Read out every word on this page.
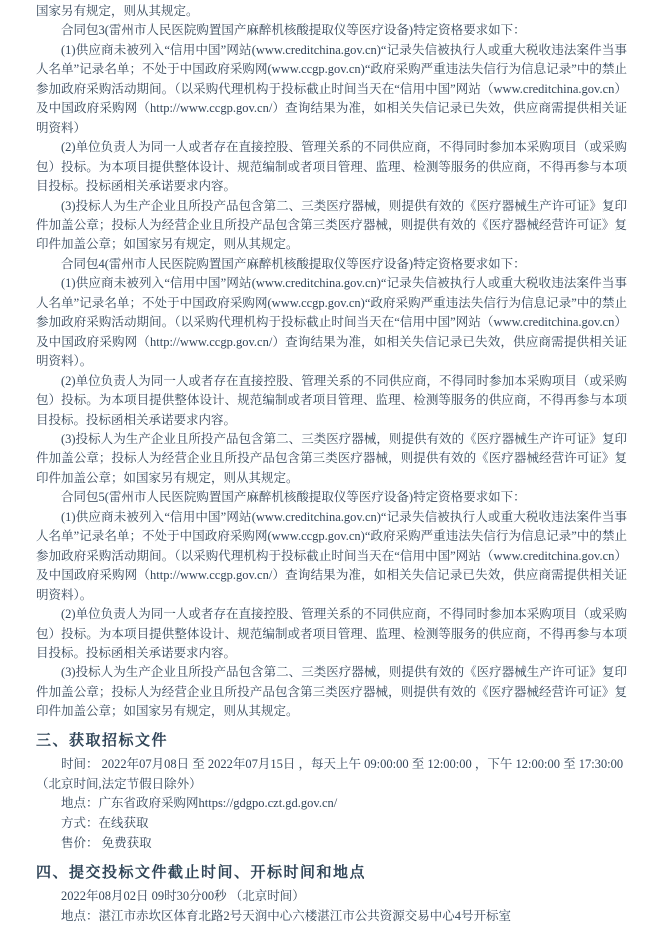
国家另有规定，则从其规定。

合同包3(雷州市人民医院购置国产麻醉机核酸提取仪等医疗设备)特定资格要求如下：

(1)供应商未被列入“信用中国”网站(www.creditchina.gov.cn)“记录失信被执行人或重大税收违法案件当事人名单”记录名单；不处于中国政府采购网(www.ccgp.gov.cn)“政府采购严重违法失信行为信息记录”中的禁止参加政府采购活动期间。（以采购代理机构于投标截止时间当天在“信用中国”网站（www.creditchina.gov.cn）及中国政府采购网（http://www.ccgp.gov.cn/）查询结果为准，如相关失信记录已失效，供应商需提供相关证明资料）

(2)单位负责人为同一人或者存在直接控股、管理关系的不同供应商，不得同时参加本采购项目（或采购包）投标。为本项目提供整体设计、规范编制或者项目管理、监理、检测等服务的供应商，不得再参与本项目投标。投标函相关承诺要求内容。

(3)投标人为生产企业且所投产品包含第二、三类医疗器械，则提供有效的《医疗器械生产许可证》复印件加盖公章；投标人为经营企业且所投产品包含第三类医疗器械，则提供有效的《医疗器械经营许可证》复印件加盖公章；如国家另有规定，则从其规定。

合同包4(雷州市人民医院购置国产麻醉机核酸提取仪等医疗设备)特定资格要求如下：

(1)供应商未被列入“信用中国”网站(www.creditchina.gov.cn)“记录失信被执行人或重大税收违法案件当事人名单”记录名单；不处于中国政府采购网(www.ccgp.gov.cn)“政府采购严重违法失信行为信息记录”中的禁止参加政府采购活动期间。（以采购代理机构于投标截止时间当天在“信用中国”网站（www.creditchina.gov.cn）及中国政府采购网（http://www.ccgp.gov.cn/）查询结果为准，如相关失信记录已失效，供应商需提供相关证明资料）。

(2)单位负责人为同一人或者存在直接控股、管理关系的不同供应商，不得同时参加本采购项目（或采购包）投标。为本项目提供整体设计、规范编制或者项目管理、监理、检测等服务的供应商，不得再参与本项目投标。投标函相关承诺要求内容。

(3)投标人为生产企业且所投产品包含第二、三类医疗器械，则提供有效的《医疗器械生产许可证》复印件加盖公章；投标人为经营企业且所投产品包含第三类医疗器械，则提供有效的《医疗器械经营许可证》复印件加盖公章；如国家另有规定，则从其规定。

合同包5(雷州市人民医院购置国产麻醉机核酸提取仪等医疗设备)特定资格要求如下：

(1)供应商未被列入“信用中国”网站(www.creditchina.gov.cn)“记录失信被执行人或重大税收违法案件当事人名单”记录名单；不处于中国政府采购网(www.ccgp.gov.cn)“政府采购严重违法失信行为信息记录”中的禁止参加政府采购活动期间。（以采购代理机构于投标截止时间当天在“信用中国”网站（www.creditchina.gov.cn）及中国政府采购网（http://www.ccgp.gov.cn/）查询结果为准，如相关失信记录已失效，供应商需提供相关证明资料）。

(2)单位负责人为同一人或者存在直接控股、管理关系的不同供应商，不得同时参加本采购项目（或采购包）投标。为本项目提供整体设计、规范编制或者项目管理、监理、检测等服务的供应商，不得再参与本项目投标。投标函相关承诺要求内容。

(3)投标人为生产企业且所投产品包含第二、三类医疗器械，则提供有效的《医疗器械生产许可证》复印件加盖公章；投标人为经营企业且所投产品包含第三类医疗器械，则提供有效的《医疗器械经营许可证》复印件加盖公章；如国家另有规定，则从其规定。

三、获取招标文件

时间： 2022年07月08日 至 2022年07月15日 ，每天上午 09:00:00 至 12:00:00 ，下午 12:00:00 至 17:30:00

（北京时间,法定节假日除外）

地点：广东省政府采购网https://gdgpo.czt.gd.gov.cn/

方式：在线获取

售价： 免费获取

四、提交投标文件截止时间、开标时间和地点

2022年08月02日 09时30分00秒 （北京时间）

地点：湛江市赤坎区体育北路2号天润中心六楼湛江市公共资源交易中心4号开标室
